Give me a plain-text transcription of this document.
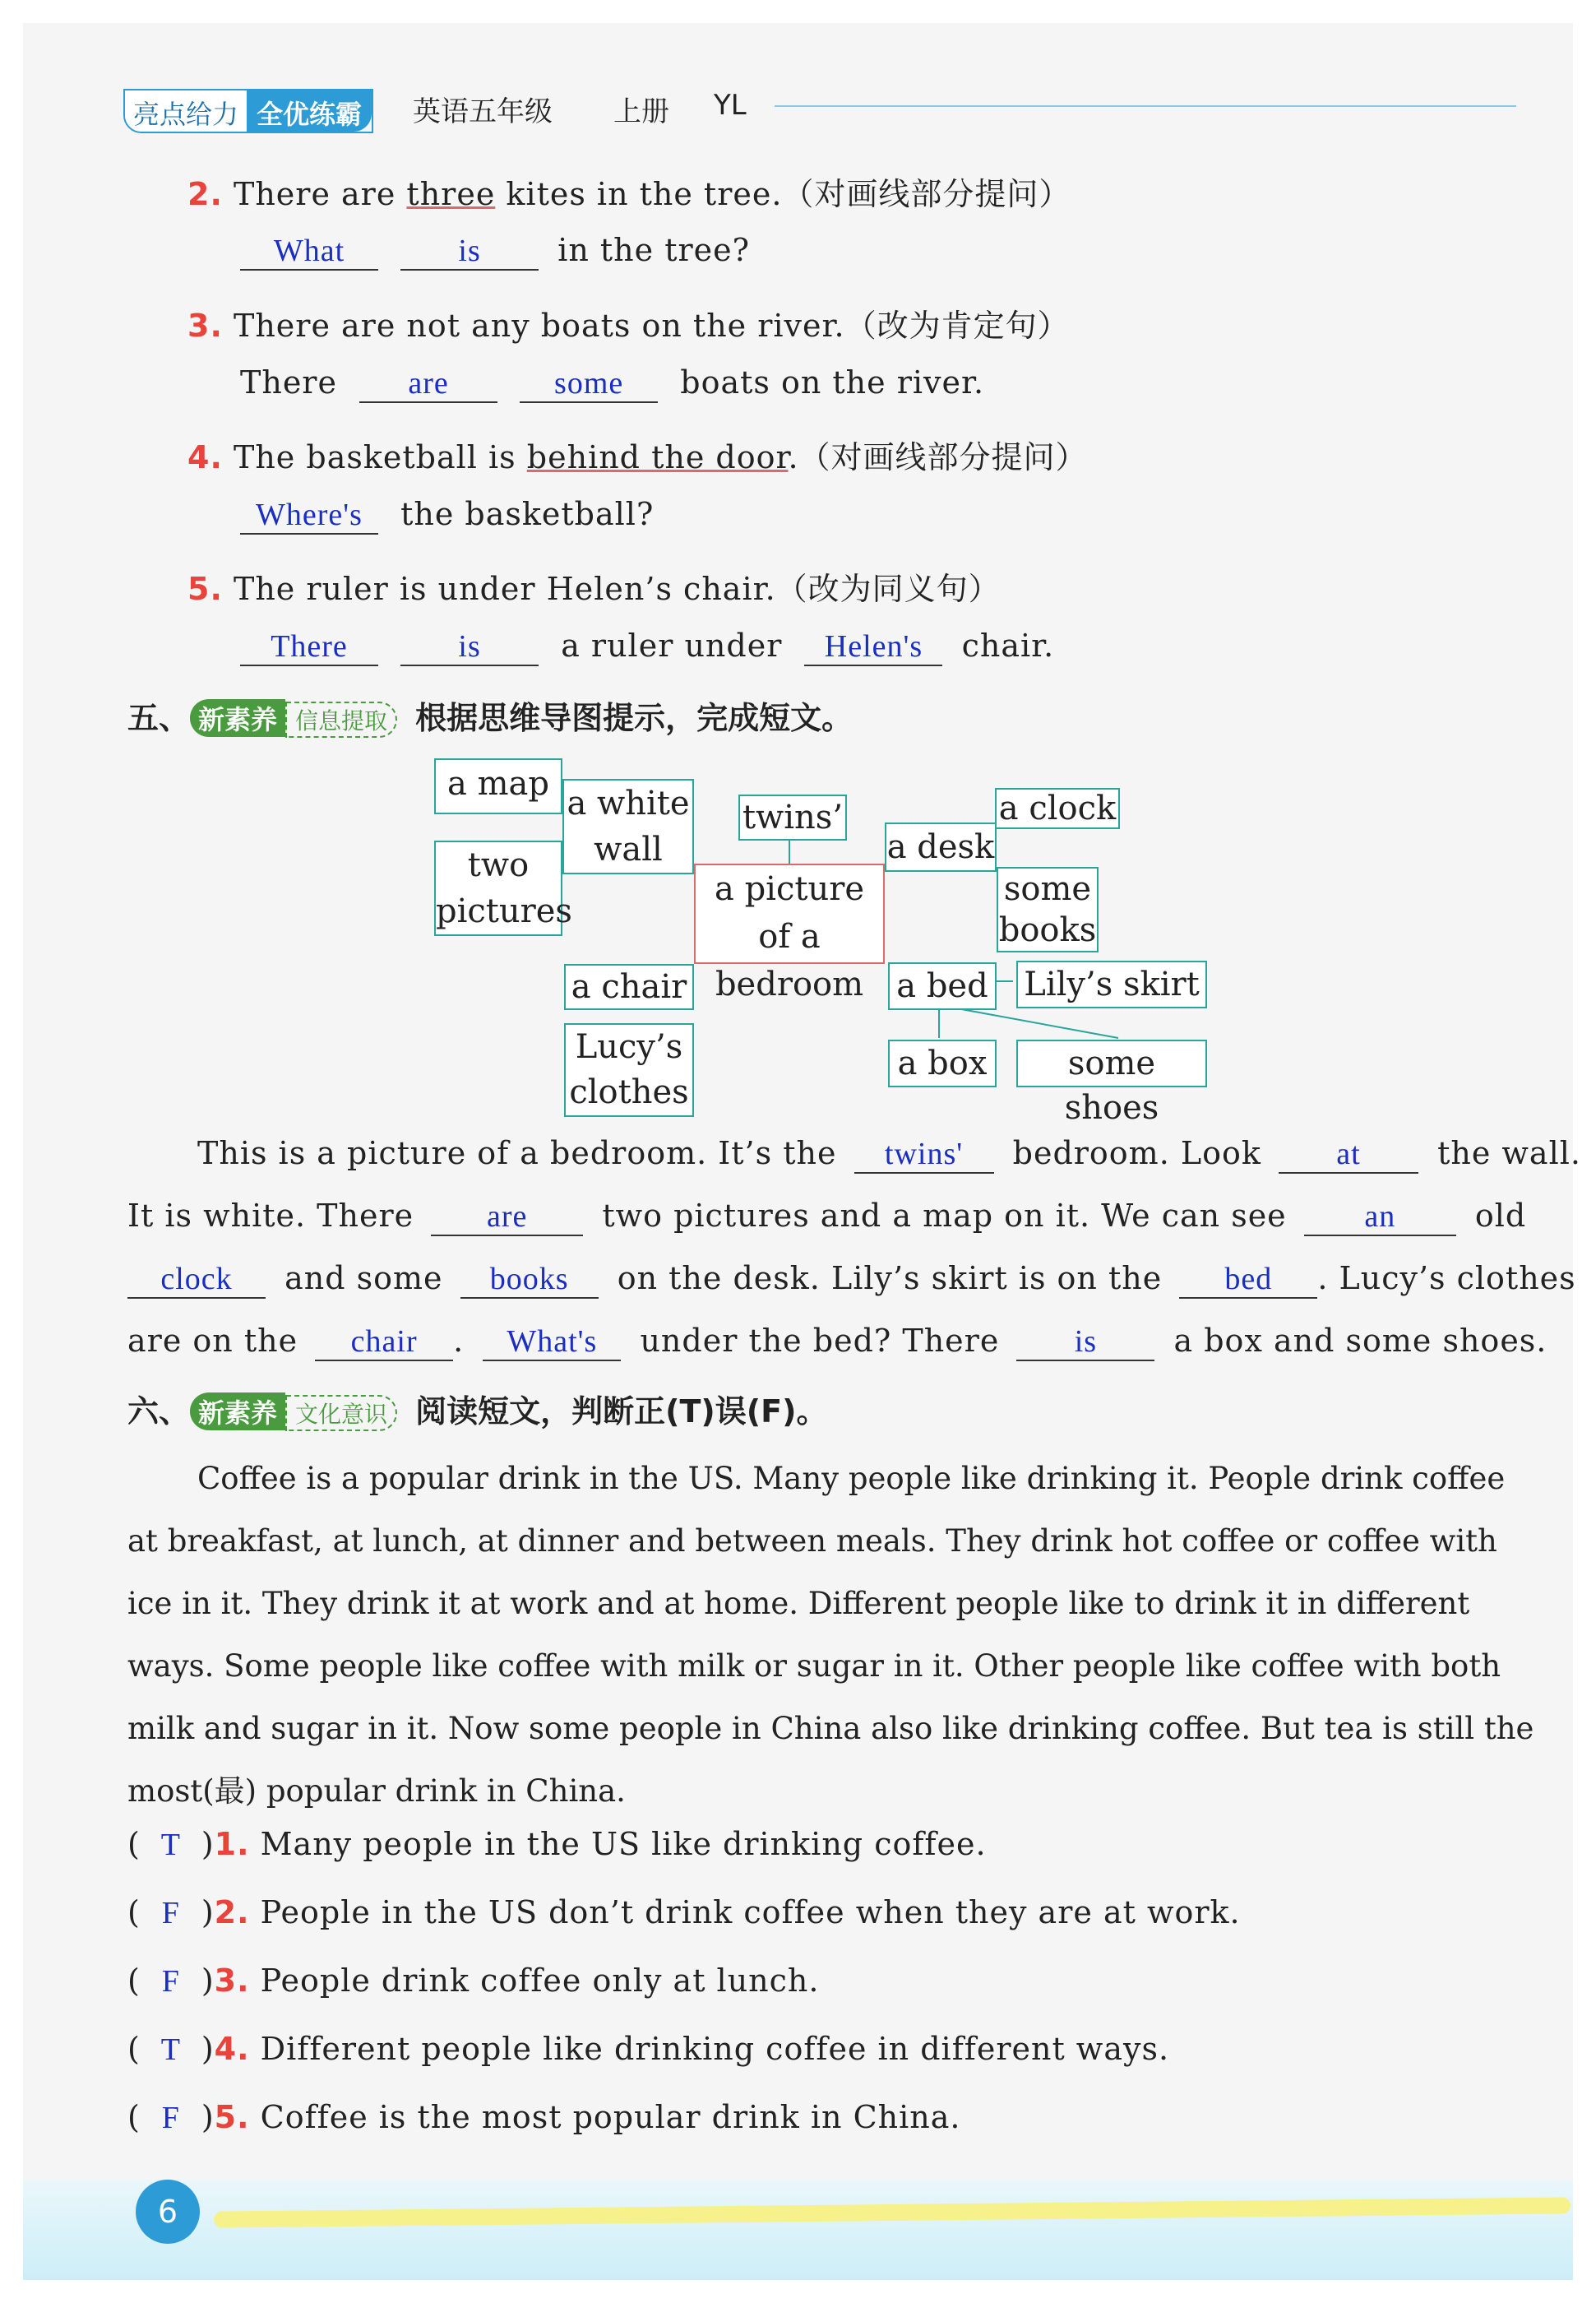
亮点给力 全优练霸	英语五年级 上册 YL
2. There are three kites in the tree.（对画线部分提问）
What	is in the tree?
3. There are not any boats on the river.（改为肯定句）
There are	some boats on the river.
4. The basketball is behind the door.（对画线部分提问）
Where's the basketball?
5. The ruler is under Helen’s chair.（改为同义句）
There	is	a ruler under Helen's chair.
五、 新素养 信息提取 根据思维导图提示，完成短文。
a map
a white wall
two pictures
twins’
a picture of a bedroom
a desk
a clock
some books
a chair
Lucy’s clothes
a bed Lily’s skirt
a box	some shoes
This is a picture of a bedroom. It’s the twins' bedroom. Look at the wall.
It is white. There are two pictures and a map on it. We can see an	old
clock and some books on the desk. Lily’s skirt is on the bed . Lucy’s clothes
are on the chair . What's under the bed? There is a box and some shoes.
六、 新素养 文化意识 阅读短文，判断正(T)误(F)。
Coffee is a popular drink in the US. Many people like drinking it. People drink coffee
at breakfast, at lunch, at dinner and between meals. They drink hot coffee or coffee with
ice in it. They drink it at work and at home. Different people like to drink it in different
ways. Some people like coffee with milk or sugar in it. Other people like coffee with both
milk and sugar in it. Now some people in China also like drinking coffee. But tea is still the
most(最) popular drink in China.
( T )1. Many people in the US like drinking coffee.
( F )2. People in the US don’t drink coffee when they are at work.
( F )3. People drink coffee only at lunch.
( T )4. Different people like drinking coffee in different ways.
( F )5. Coffee is the most popular drink in China.
6
